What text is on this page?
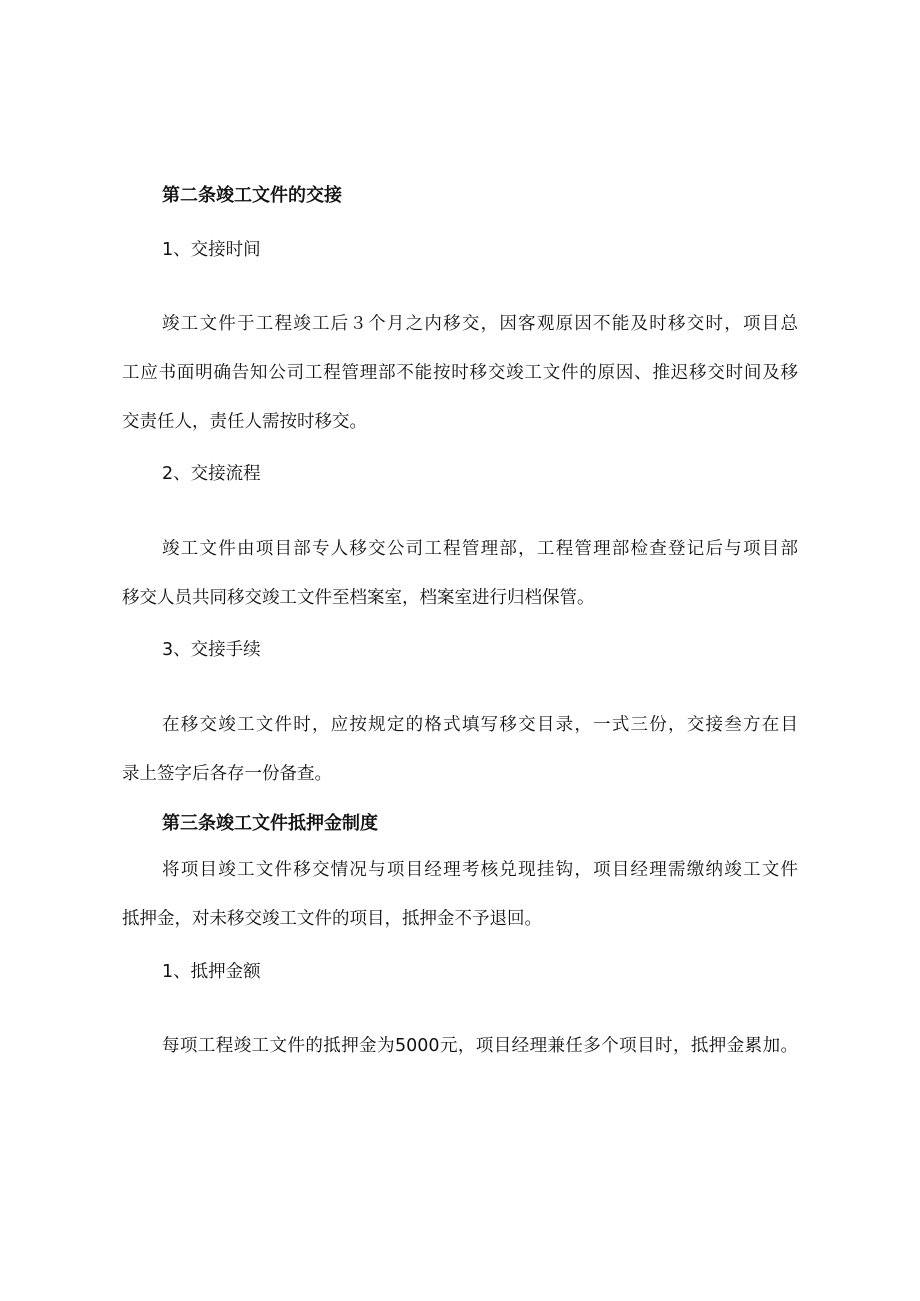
第二条竣工文件的交接
1、交接时间
竣工文件于工程竣工后３个月之内移交，因客观原因不能及时移交时，项目总
工应书面明确告知公司工程管理部不能按时移交竣工文件的原因、推迟移交时间及移
交责任人，责任人需按时移交。
2、交接流程
竣工文件由项目部专人移交公司工程管理部，工程管理部检查登记后与项目部
移交人员共同移交竣工文件至档案室，档案室进行归档保管。
3、交接手续
在移交竣工文件时，应按规定的格式填写移交目录，一式三份，交接叁方在目
录上签字后各存一份备查。
第三条竣工文件抵押金制度
将项目竣工文件移交情况与项目经理考核兑现挂钩，项目经理需缴纳竣工文件
抵押金，对未移交竣工文件的项目，抵押金不予退回。
1、抵押金额
每项工程竣工文件的抵押金为5000元，项目经理兼任多个项目时，抵押金累加。
